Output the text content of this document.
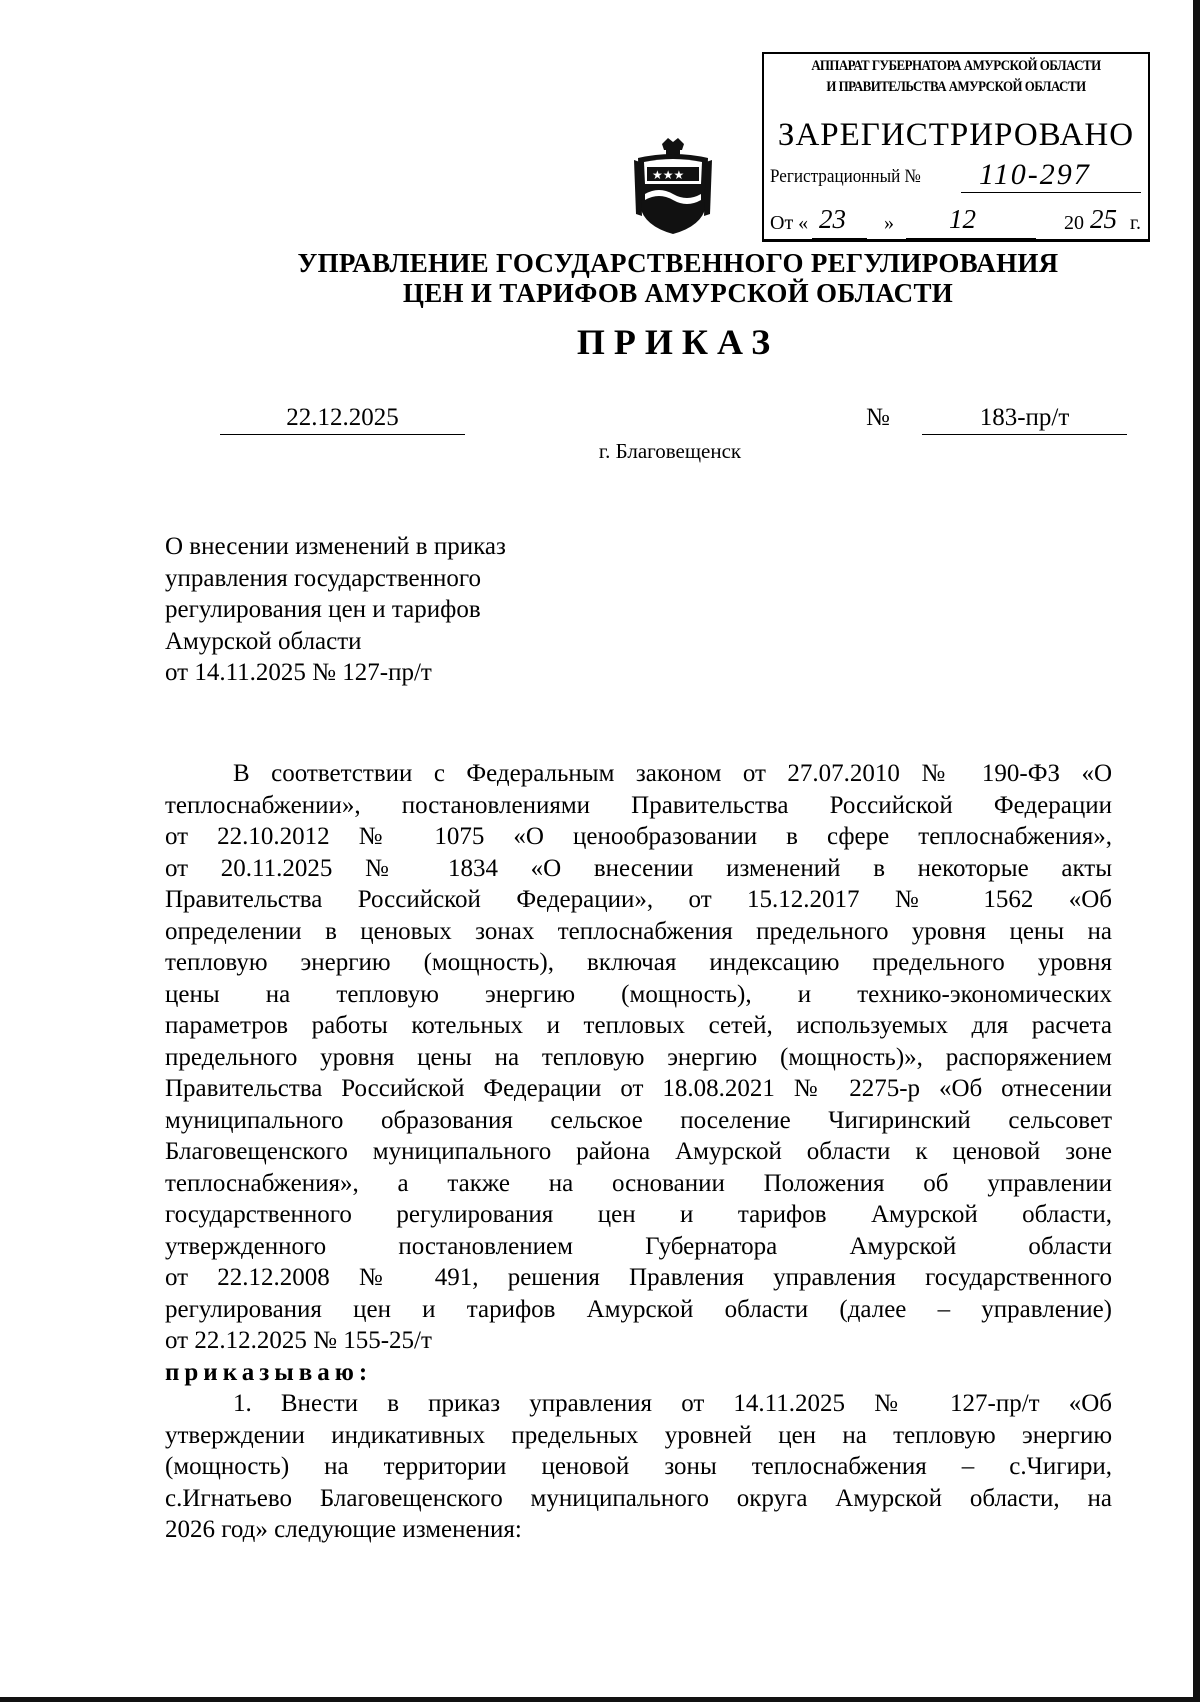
АППАРАТ ГУБЕРНАТОРА АМУРСКОЙ ОБЛАСТИ
И ПРАВИТЕЛЬСТВА АМУРСКОЙ ОБЛАСТИ
ЗАРЕГИСТРИРОВАНО
Регистрационный № 110-297
От « 23 » 12	20 25 г.
★★★
УПРАВЛЕНИЕ ГОСУДАРСТВЕННОГО РЕГУЛИРОВАНИЯ
ЦЕН И ТАРИФОВ АМУРСКОЙ ОБЛАСТИ
ПРИКАЗ
22.12.2025	№	183-пр/т
г. Благовещенск
О внесении изменений в приказ
управления государственного
регулирования цен и тарифов
Амурской области
от 14.11.2025 № 127-пр/т
В соответствии с Федеральным законом от 27.07.2010 № 190-ФЗ «О
теплоснабжении», постановлениями Правительства Российской Федерации
от 22.10.2012 № 1075 «О ценообразовании в сфере теплоснабжения»,
от 20.11.2025 № 1834 «О внесении изменений в некоторые акты
Правительства Российской Федерации», от 15.12.2017 № 1562 «Об
определении в ценовых зонах теплоснабжения предельного уровня цены на
тепловую энергию (мощность), включая индексацию предельного уровня
цены на тепловую энергию (мощность), и технико-экономических
параметров работы котельных и тепловых сетей, используемых для расчета
предельного уровня цены на тепловую энергию (мощность)», распоряжением
Правительства Российской Федерации от 18.08.2021 № 2275-р «Об отнесении
муниципального образования сельское поселение Чигиринский сельсовет
Благовещенского муниципального района Амурской области к ценовой зоне
теплоснабжения», а также на основании Положения об управлении
государственного регулирования цен и тарифов Амурской области,
утвержденного постановлением Губернатора Амурской области
от 22.12.2008 № 491, решения Правления управления государственного
регулирования цен и тарифов Амурской области (далее – управление)
от 22.12.2025 № 155-25/т
приказываю:
1. Внести в приказ управления от 14.11.2025 № 127-пр/т «Об
утверждении индикативных предельных уровней цен на тепловую энергию
(мощность) на территории ценовой зоны теплоснабжения – с.Чигири,
с.Игнатьево Благовещенского муниципального округа Амурской области, на
2026 год» следующие изменения:
